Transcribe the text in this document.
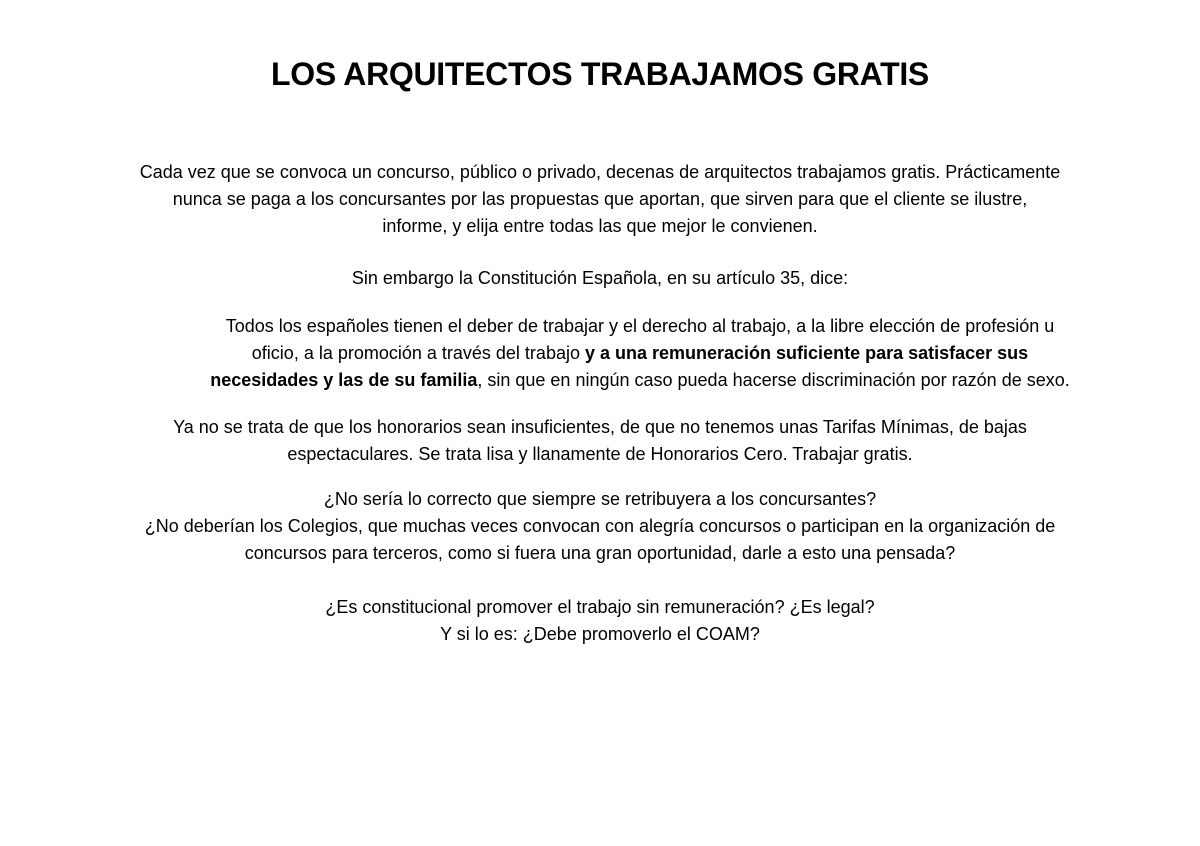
LOS ARQUITECTOS TRABAJAMOS GRATIS

Cada vez que se convoca un concurso, público o privado, decenas de arquitectos trabajamos gratis. Prácticamente
nunca se paga a los concursantes por las propuestas que aportan, que sirven para que el cliente se ilustre,
informe, y elija entre todas las que mejor le convienen.

Sin embargo la Constitución Española, en su artículo 35, dice:

Todos los españoles tienen el deber de trabajar y el derecho al trabajo, a la libre elección de profesión u
oficio, a la promoción a través del trabajo y a una remuneración suficiente para satisfacer sus
necesidades y las de su familia, sin que en ningún caso pueda hacerse discriminación por razón de sexo.

Ya no se trata de que los honorarios sean insuficientes, de que no tenemos unas Tarifas Mínimas, de bajas
espectaculares. Se trata lisa y llanamente de Honorarios Cero. Trabajar gratis.

¿No sería lo correcto que siempre se retribuyera a los concursantes?
¿No deberían los Colegios, que muchas veces convocan con alegría concursos o participan en la organización de
concursos para terceros, como si fuera una gran oportunidad, darle a esto una pensada?

¿Es constitucional promover el trabajo sin remuneración? ¿Es legal?
Y si lo es: ¿Debe promoverlo el COAM?
